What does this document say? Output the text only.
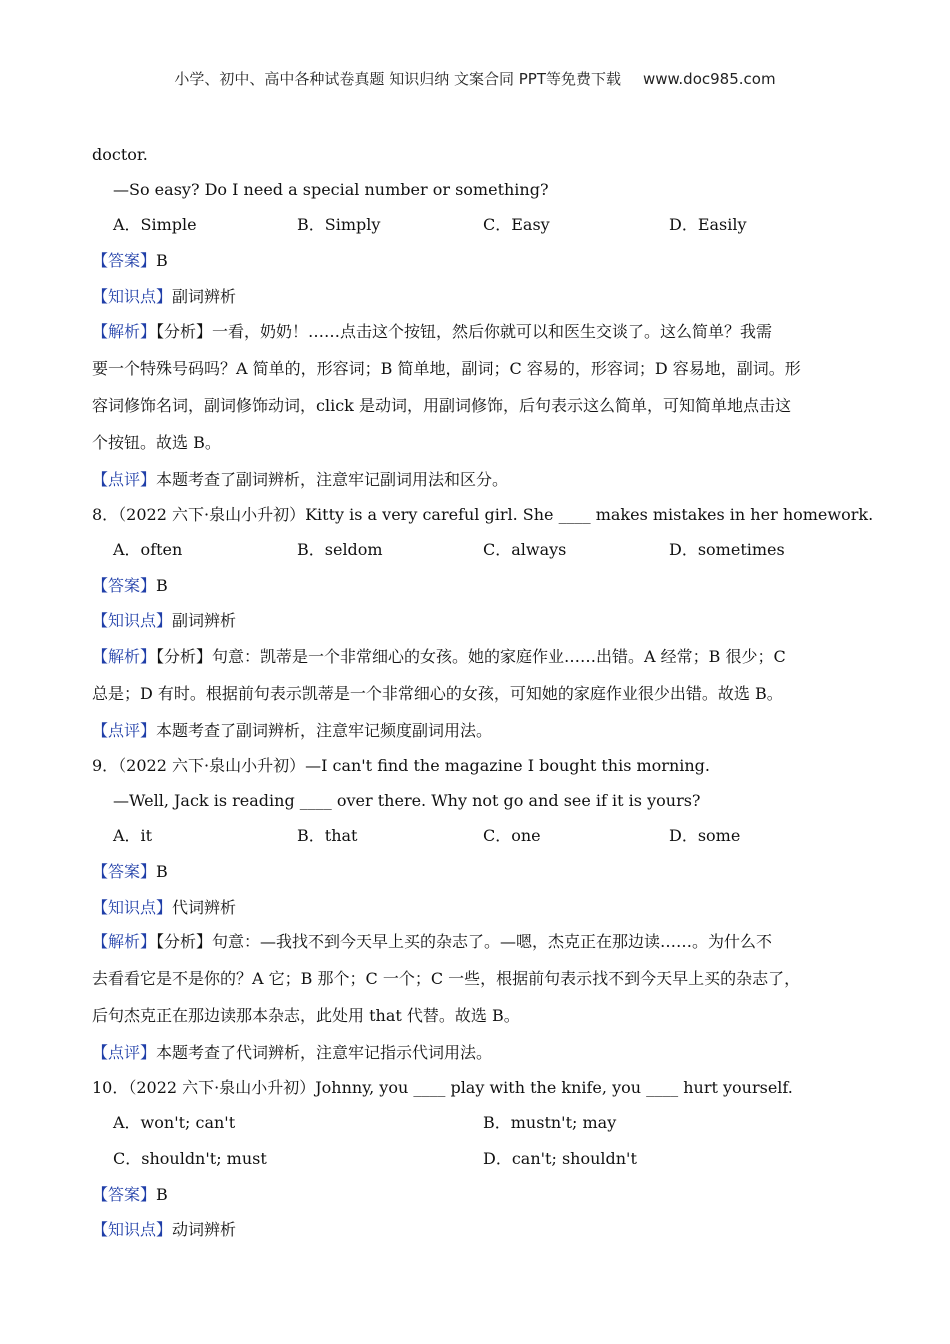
小学、初中、高中各种试卷真题 知识归纳 文案合同 PPT等免费下载 www.doc985.com
doctor.
—So easy? Do I need a special number or something?
A．Simple	B．Simply	C．Easy	D．Easily
【答案】B
【知识点】副词辨析
【解析】【分析】一看，奶奶！……点击这个按钮，然后你就可以和医生交谈了。这么简单？我需
要一个特殊号码吗？A 简单的，形容词；B 简单地，副词；C 容易的，形容词；D 容易地，副词。形
容词修饰名词，副词修饰动词，click 是动词，用副词修饰，后句表示这么简单，可知简单地点击这
个按钮。故选 B。
【点评】本题考查了副词辨析，注意牢记副词用法和区分。
8．（2022 六下·泉山小升初）Kitty is a very careful girl. She ____ makes mistakes in her homework.
A．often	B．seldom	C．always	D．sometimes
【答案】B
【知识点】副词辨析
【解析】【分析】句意：凯蒂是一个非常细心的女孩。她的家庭作业……出错。A 经常；B 很少；C
总是；D 有时。根据前句表示凯蒂是一个非常细心的女孩，可知她的家庭作业很少出错。故选 B。
【点评】本题考查了副词辨析，注意牢记频度副词用法。
9．（2022 六下·泉山小升初）—I can't find the magazine I bought this morning.
—Well, Jack is reading ____ over there. Why not go and see if it is yours?
A．it	B．that	C．one	D．some
【答案】B
【知识点】代词辨析
【解析】【分析】句意：—我找不到今天早上买的杂志了。—嗯，杰克正在那边读……。为什么不
去看看它是不是你的？A 它；B 那个；C 一个；C 一些，根据前句表示找不到今天早上买的杂志了，
后句杰克正在那边读那本杂志，此处用 that 代替。故选 B。
【点评】本题考查了代词辨析，注意牢记指示代词用法。
10．（2022 六下·泉山小升初）Johnny, you ____ play with the knife, you ____ hurt yourself.
A．won't; can't	B．mustn't; may
C．shouldn't; must	D．can't; shouldn't
【答案】B
【知识点】动词辨析
